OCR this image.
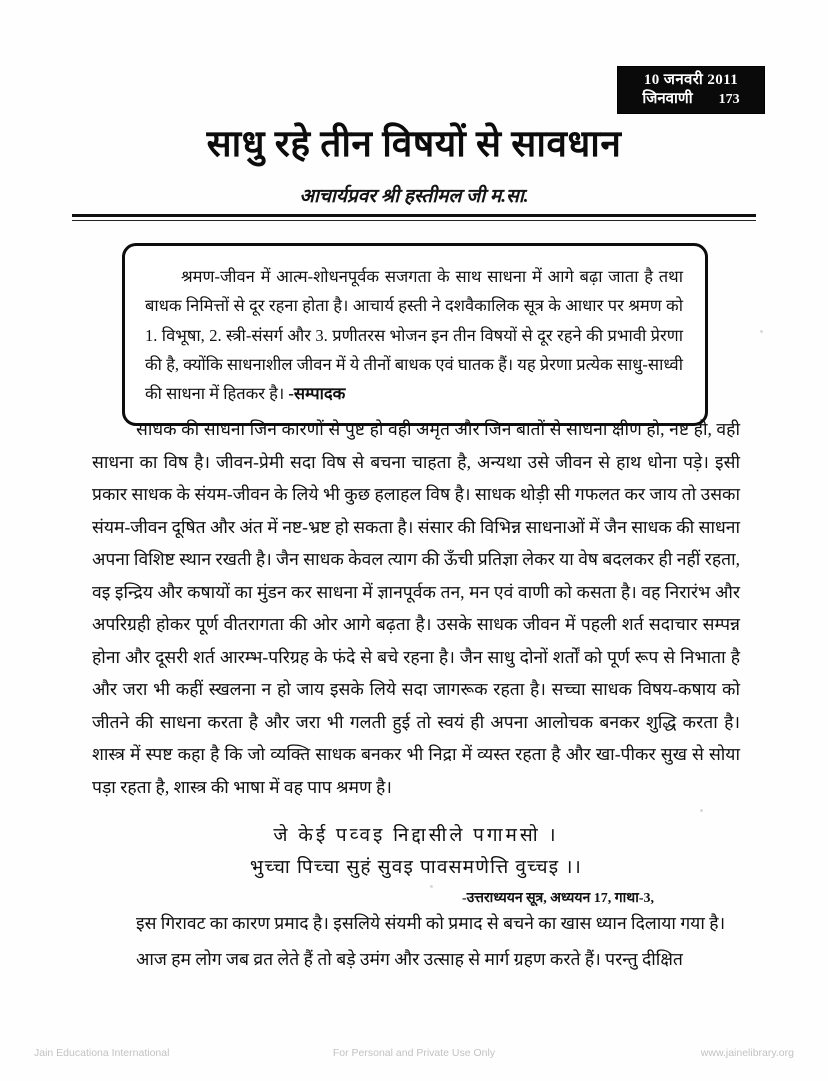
10 जनवरी 2011
जिनवाणी 173
साधु रहे तीन विषयों से सावधान
आचार्यप्रवर श्री हस्तीमल जी म.सा.
श्रमण-जीवन में आत्म-शोधनपूर्वक सजगता के साथ साधना में आगे बढ़ा जाता है तथा बाधक निमित्तों से दूर रहना होता है। आचार्य हस्ती ने दशवैकालिक सूत्र के आधार पर श्रमण को 1. विभूषा, 2. स्त्री-संसर्ग और 3. प्रणीतरस भोजन इन तीन विषयों से दूर रहने की प्रभावी प्रेरणा की है, क्योंकि साधनाशील जीवन में ये तीनों बाधक एवं घातक हैं। यह प्रेरणा प्रत्येक साधु-साध्वी की साधना में हितकर है। -सम्पादक

साधक की साधना जिन कारणों से पुष्ट हो वही अमृत और जिन बातों से साधना क्षीण हो, नष्ट हो, वही साधना का विष है। जीवन-प्रेमी सदा विष से बचना चाहता है, अन्यथा उसे जीवन से हाथ धोना पड़े। इसी प्रकार साधक के संयम-जीवन के लिये भी कुछ हलाहल विष है। साधक थोड़ी सी गफलत कर जाय तो उसका संयम-जीवन दूषित और अंत में नष्ट-भ्रष्ट हो सकता है। संसार की विभिन्न साधनाओं में जैन साधक की साधना अपना विशिष्ट स्थान रखती है। जैन साधक केवल त्याग की ऊँची प्रतिज्ञा लेकर या वेष बदलकर ही नहीं रहता, वइ इन्द्रिय और कषायों का मुंडन कर साधना में ज्ञानपूर्वक तन, मन एवं वाणी को कसता है। वह निरारंभ और अपरिग्रही होकर पूर्ण वीतरागता की ओर आगे बढ़ता है। उसके साधक जीवन में पहली शर्त सदाचार सम्पन्न होना और दूसरी शर्त आरम्भ-परिग्रह के फंदे से बचे रहना है। जैन साधु दोनों शर्तों को पूर्ण रूप से निभाता है और जरा भी कहीं स्खलना न हो जाय इसके लिये सदा जागरूक रहता है। सच्चा साधक विषय-कषाय को जीतने की साधना करता है और जरा भी गलती हुई तो स्वयं ही अपना आलोचक बनकर शुद्धि करता है। शास्त्र में स्पष्ट कहा है कि जो व्यक्ति साधक बनकर भी निद्रा में व्यस्त रहता है और खा-पीकर सुख से सोया पड़ा रहता है, शास्त्र की भाषा में वह पाप श्रमण है।

जे केई पव्वइ निद्दासीले पगामसो ।
भुच्चा पिच्चा सुहं सुवइ पावसमणेत्ति वुच्चइ ।।
-उत्तराध्ययन सूत्र, अध्ययन 17, गाथा-3,

इस गिरावट का कारण प्रमाद है। इसलिये संयमी को प्रमाद से बचने का खास ध्यान दिलाया गया है।

आज हम लोग जब व्रत लेते हैं तो बड़े उमंग और उत्साह से मार्ग ग्रहण करते हैं। परन्तु दीक्षित

Jain Educationa International	For Personal and Private Use Only	www.jainelibrary.org
